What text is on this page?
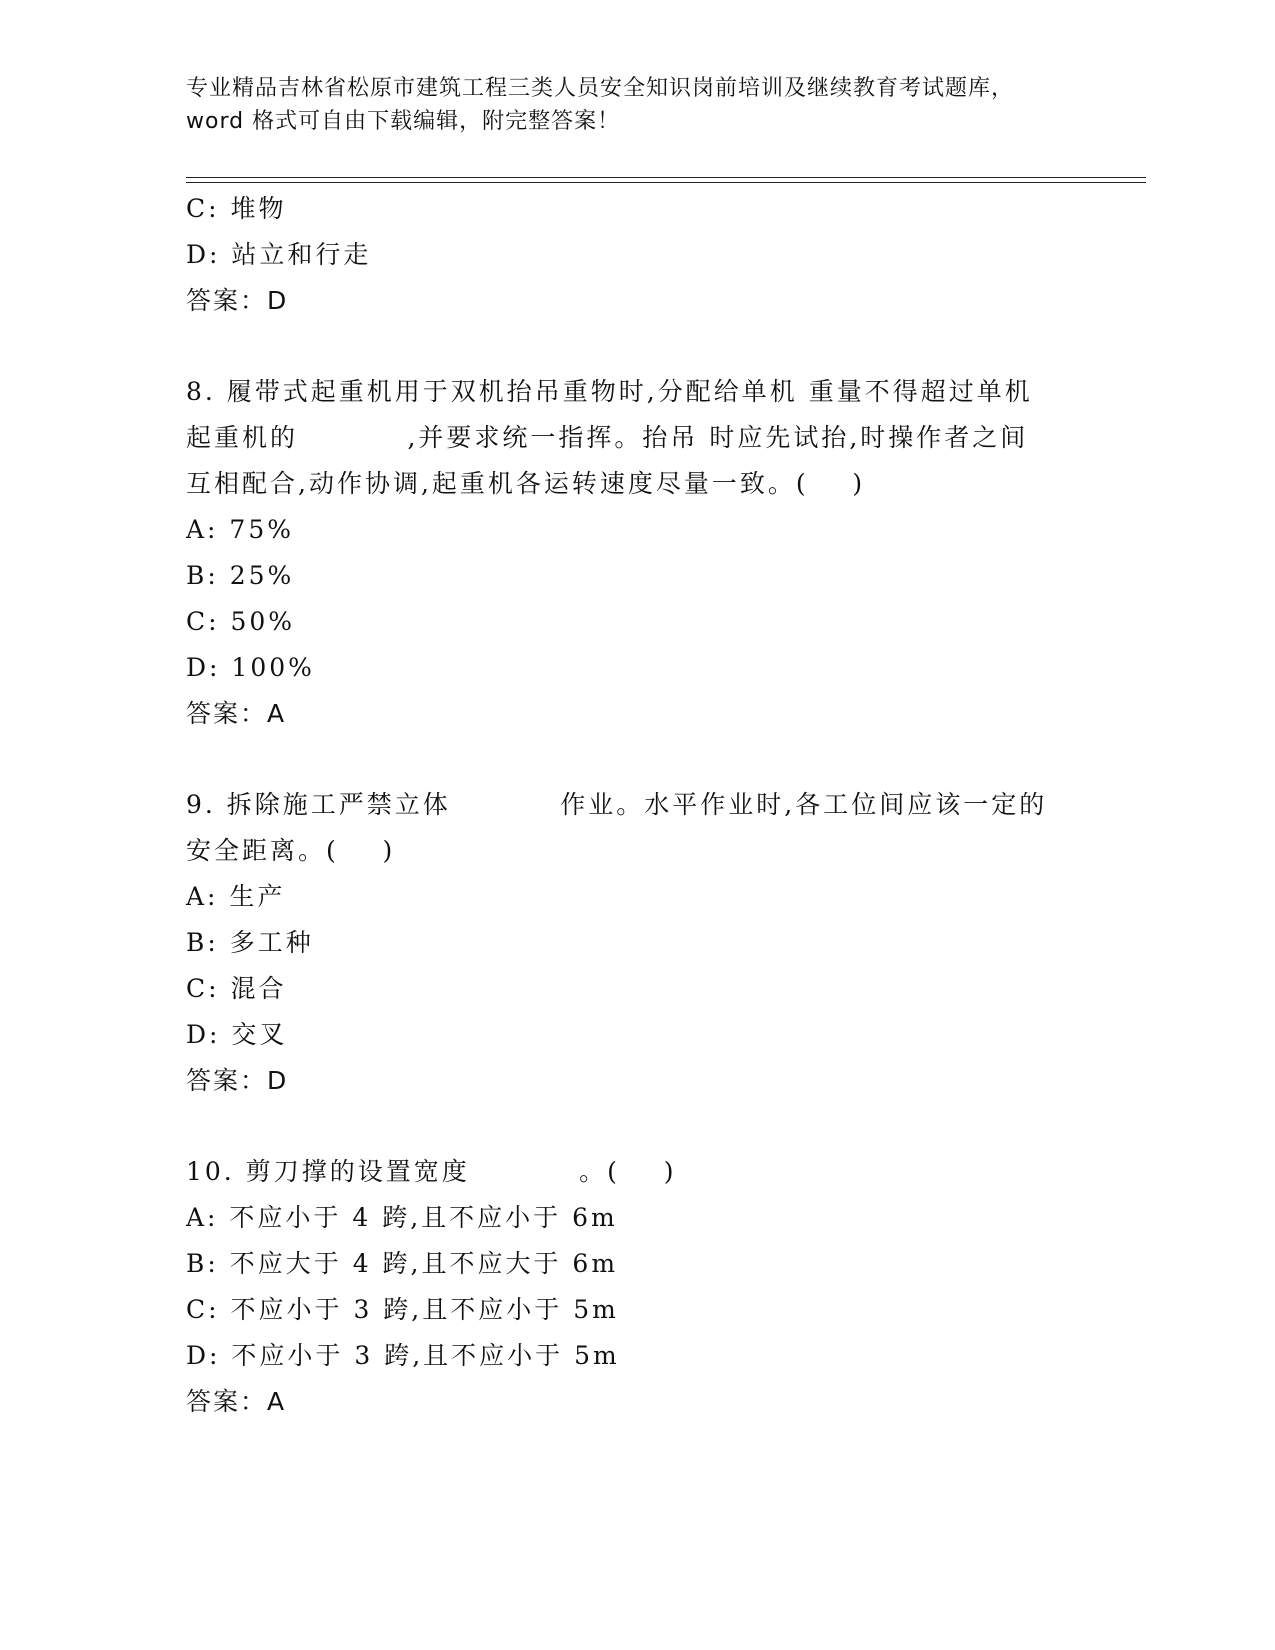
专业精品吉林省松原市建筑工程三类人员安全知识岗前培训及继续教育考试题库，
word 格式可自由下载编辑，附完整答案！
C: 堆物
D: 站立和行走
答案：D
8. 履带式起重机用于双机抬吊重物时,分配给单机 重量不得超过单机
起重机的          ,并要求统一指挥。抬吊 时应先试抬,时操作者之间
互相配合,动作协调,起重机各运转速度尽量一致。(    )
A: 75%
B: 25%
C: 50%
D: 100%
答案：A
9. 拆除施工严禁立体          作业。水平作业时,各工位间应该一定的
安全距离。(    )
A: 生产
B: 多工种
C: 混合
D: 交叉
答案：D
10. 剪刀撑的设置宽度          。(    )
A: 不应小于 4 跨,且不应小于 6m
B: 不应大于 4 跨,且不应大于 6m
C: 不应小于 3 跨,且不应小于 5m
D: 不应小于 3 跨,且不应小于 5m
答案：A
